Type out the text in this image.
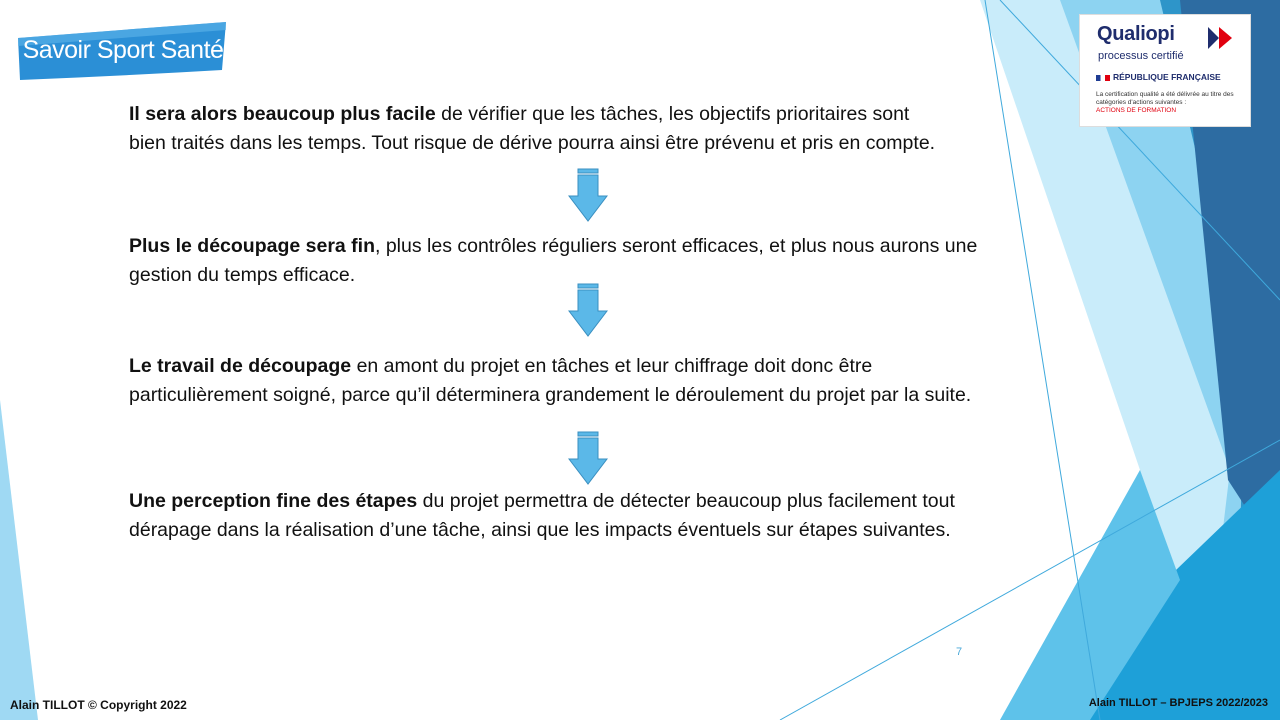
Savoir Sport Santé
Qualiopi
processus certifié
RÉPUBLIQUE FRANÇAISE
La certification qualité a été délivrée au titre des catégories d'actions suivantes :
ACTIONS DE FORMATION
Il sera alors beaucoup plus facile de vérifier que les tâches, les objectifs prioritaires sont
bien traités dans les temps. Tout risque de dérive pourra ainsi être prévenu et pris en compte.
Plus le découpage sera fin, plus les contrôles réguliers seront efficaces, et plus nous aurons une
gestion du temps efficace.
Le travail de découpage en amont du projet en tâches et leur chiffrage doit donc être
particulièrement soigné, parce qu’il déterminera grandement le déroulement du projet par la suite.
Une perception fine des étapes du projet permettra de détecter beaucoup plus facilement tout
dérapage dans la réalisation d’une tâche, ainsi que les impacts éventuels sur étapes suivantes.
7
Alain TILLOT © Copyright 2022	Alain TILLOT – BPJEPS 2022/2023
